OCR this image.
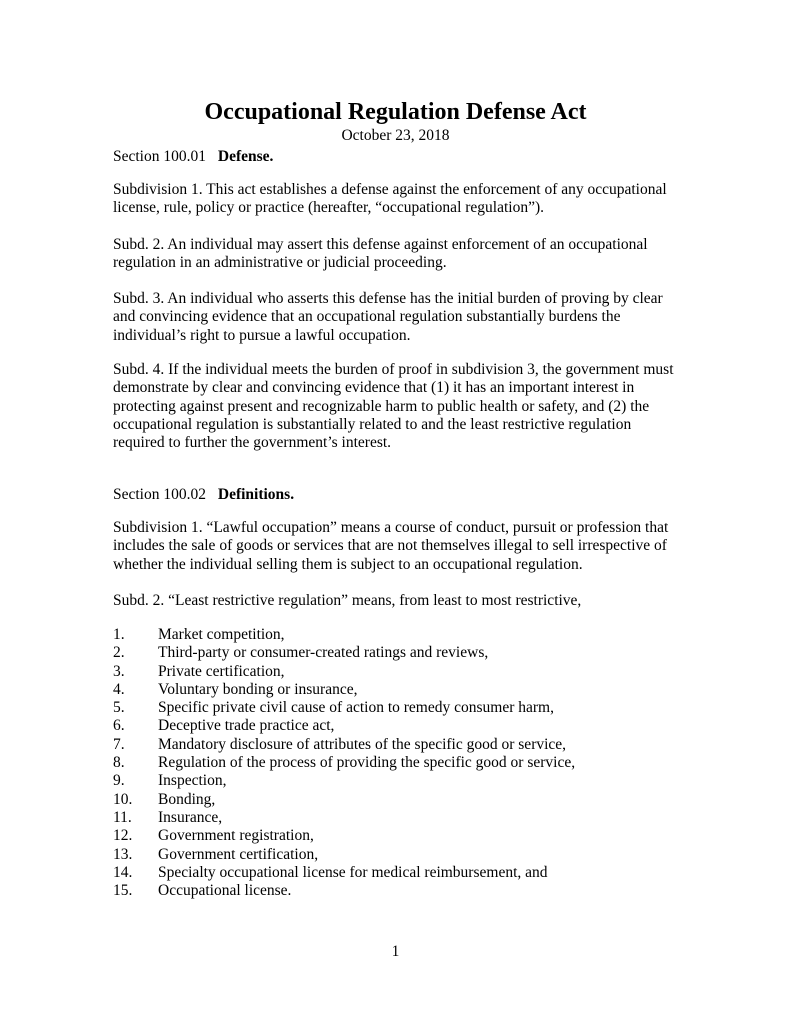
Occupational Regulation Defense Act
October 23, 2018
Section 100.01 Defense.

Subdivision 1. This act establishes a defense against the enforcement of any occupational license, rule, policy or practice (hereafter, “occupational regulation”).

Subd. 2. An individual may assert this defense against enforcement of an occupational regulation in an administrative or judicial proceeding.

Subd. 3. An individual who asserts this defense has the initial burden of proving by clear and convincing evidence that an occupational regulation substantially burdens the individual’s right to pursue a lawful occupation.

Subd. 4. If the individual meets the burden of proof in subdivision 3, the government must demonstrate by clear and convincing evidence that (1) it has an important interest in protecting against present and recognizable harm to public health or safety, and (2) the occupational regulation is substantially related to and the least restrictive regulation required to further the government’s interest.

Section 100.02 Definitions.

Subdivision 1. “Lawful occupation” means a course of conduct, pursuit or profession that includes the sale of goods or services that are not themselves illegal to sell irrespective of whether the individual selling them is subject to an occupational regulation.

Subd. 2. “Least restrictive regulation” means, from least to most restrictive,

1.	Market competition,
2.	Third-party or consumer-created ratings and reviews,
3.	Private certification,
4.	Voluntary bonding or insurance,
5.	Specific private civil cause of action to remedy consumer harm,
6.	Deceptive trade practice act,
7.	Mandatory disclosure of attributes of the specific good or service,
8.	Regulation of the process of providing the specific good or service,
9.	Inspection,
10.	Bonding,
11.	Insurance,
12.	Government registration,
13.	Government certification,
14.	Specialty occupational license for medical reimbursement, and
15.	Occupational license.
1
